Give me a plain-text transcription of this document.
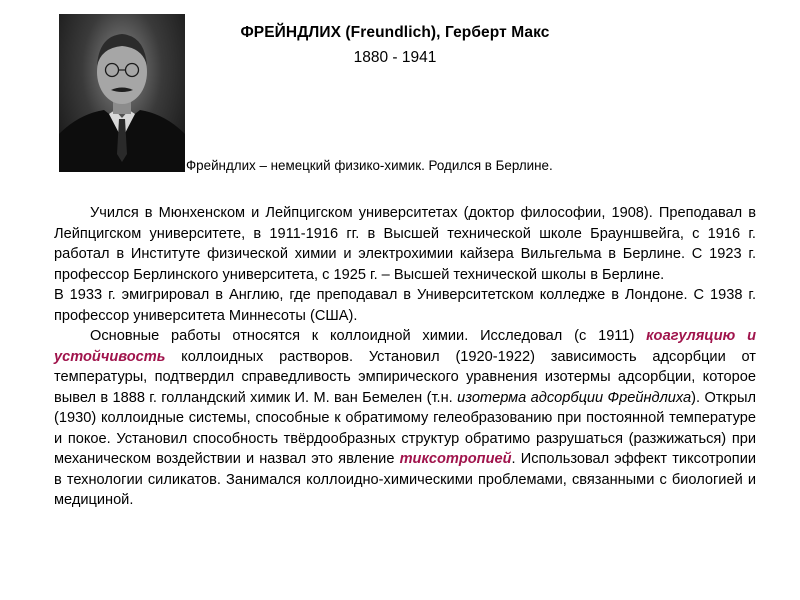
ФРЕЙНДЛИХ (Freundlich), Герберт Макс
1880 - 1941
Фрейндлих – немецкий физико-химик. Родился в Берлине.

Учился в Мюнхенском и Лейпцигском университетах (доктор философии, 1908). Преподавал в Лейпцигском университете, в 1911-1916 гг. в Высшей технической школе Брауншвейга, с 1916 г. работал в Институте физической химии и электрохимии кайзера Вильгельма в Берлине. С 1923 г. профессор Берлинского университета, с 1925 г. – Высшей технической школы в Берлине.

В 1933 г. эмигрировал в Англию, где преподавал в Университетском колледже в Лондоне. С 1938 г. профессор университета Миннесоты (США).

Основные работы относятся к коллоидной химии. Исследовал (с 1911) коагуляцию и устойчивость коллоидных растворов. Установил (1920-1922) зависимость адсорбции от температуры, подтвердил справедливость эмпирического уравнения изотермы адсорбции, которое вывел в 1888 г. голландский химик И. М. ван Бемелен (т.н. изотерма адсорбции Фрейндлиха). Открыл (1930) коллоидные системы, способные к обратимому гелеобразованию при постоянной температуре и покое. Установил способность твёрдообразных структур обратимо разрушаться (разжижаться) при механическом воздействии и назвал это явление тиксотропией. Использовал эффект тиксотропии в технологии силикатов. Занимался коллоидно-химическими проблемами, связанными с биологией и медициной.
